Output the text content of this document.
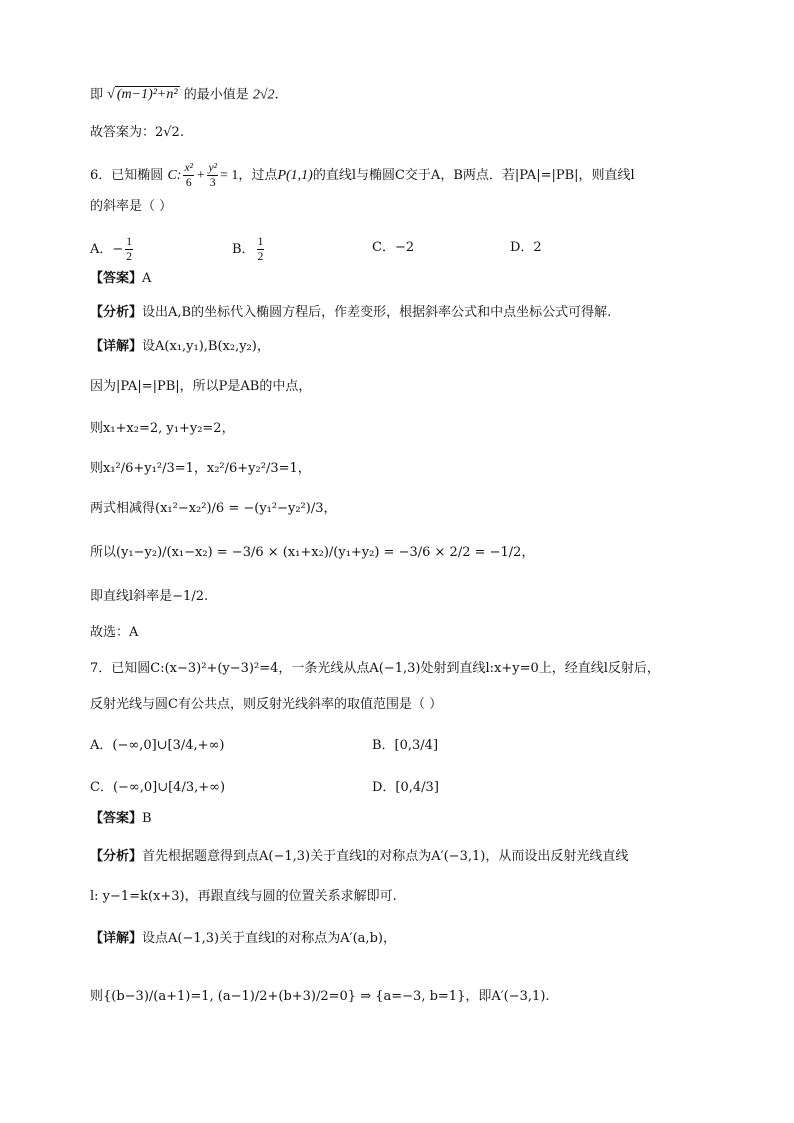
即 √ (m−1)²+n² 的最小值是 2√2.
故答案为：2√2.
6．已知椭圆 C: $\frac{\text{x²}}{6} + \frac{\text{y²}}{3} = 1$，过点P(1,1)的直线l与椭圆C交于A，B两点．若|PA|=|PB|，则直线l
的斜率是（ ）
A．− $\frac{1}{2}$	B． $\frac{1}{2}$	C．−2	D．2
【答案】A
【分析】设出A,B的坐标代入椭圆方程后，作差变形，根据斜率公式和中点坐标公式可得解.
【详解】设A(x₁,y₁),B(x₂,y₂)，
因为|PA|=|PB|，所以P是AB的中点，
则x₁+x₂=2, y₁+y₂=2，
则x₁²/6+y₁²/3=1，x₂²/6+y₂²/3=1，
两式相减得(x₁²−x₂²)/6 = −(y₁²−y₂²)/3，
所以(y₁−y₂)/(x₁−x₂) = −3/6 × (x₁+x₂)/(y₁+y₂) = −3/6 × 2/2 = −1/2，
即直线l斜率是−1/2.
故选：A
7．已知圆C:(x−3)²+(y−3)²=4，一条光线从点A(−1,3)处射到直线l:x+y=0上，经直线l反射后，
反射光线与圆C有公共点，则反射光线斜率的取值范围是（ ）
A．(−∞,0]∪[3/4,+∞)	B．[0,3/4]
C．(−∞,0]∪[4/3,+∞)	D．[0,4/3]
【答案】B
【分析】首先根据题意得到点A(−1,3)关于直线l的对称点为A′(−3,1)，从而设出反射光线直线
l: y−1=k(x+3)，再跟直线与圆的位置关系求解即可.
【详解】设点A(−1,3)关于直线l的对称点为A′(a,b)，
则{(b−3)/(a+1)=1, (a−1)/2+(b+3)/2=0} ⇒ {a=−3, b=1}，即A′(−3,1).
